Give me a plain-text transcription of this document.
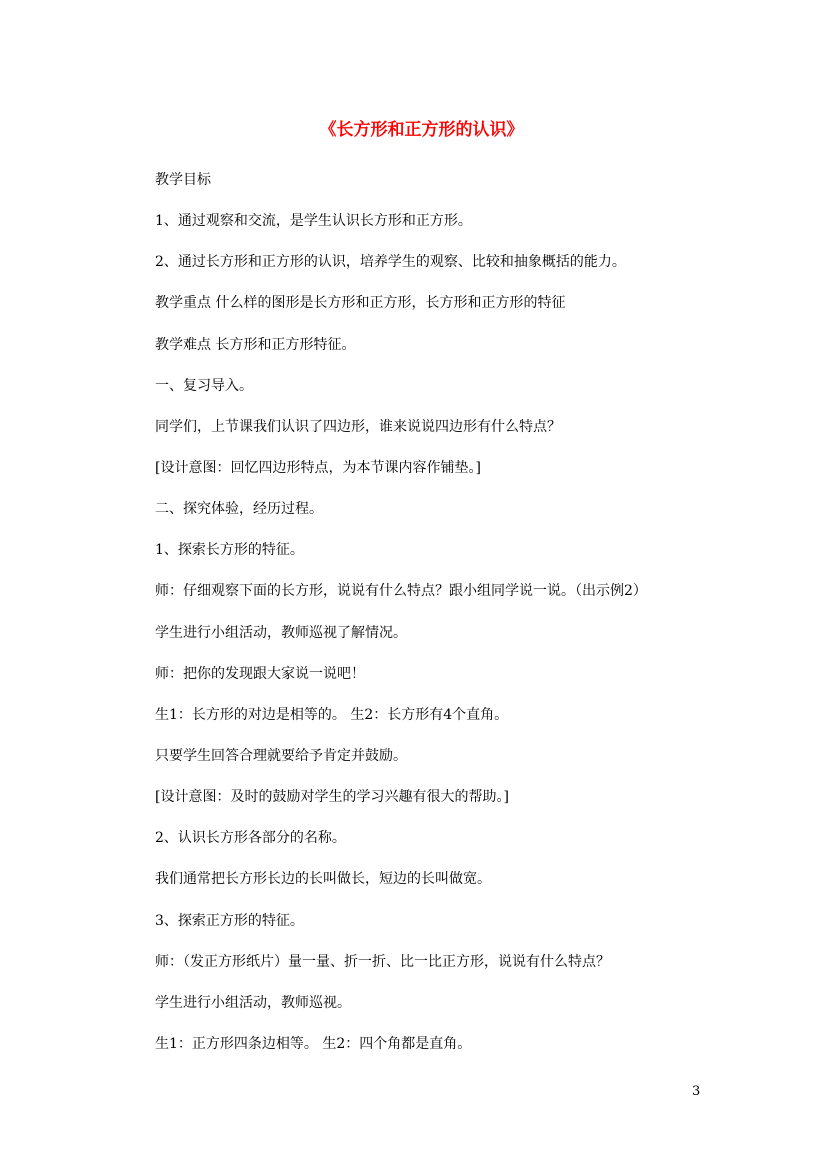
《长方形和正方形的认识》

教学目标

1、通过观察和交流，是学生认识长方形和正方形。

2、通过长方形和正方形的认识，培养学生的观察、比较和抽象概括的能力。

教学重点 什么样的图形是长方形和正方形，长方形和正方形的特征

教学难点 长方形和正方形特征。

一、复习导入。

同学们，上节课我们认识了四边形，谁来说说四边形有什么特点？

[设计意图：回忆四边形特点，为本节课内容作铺垫。]

二、探究体验，经历过程。

1、探索长方形的特征。

师：仔细观察下面的长方形，说说有什么特点？跟小组同学说一说。（出示例2）

学生进行小组活动，教师巡视了解情况。

师：把你的发现跟大家说一说吧！

生1：长方形的对边是相等的。 生2：长方形有4个直角。

只要学生回答合理就要给予肯定并鼓励。

[设计意图：及时的鼓励对学生的学习兴趣有很大的帮助。]

2、认识长方形各部分的名称。

我们通常把长方形长边的长叫做长，短边的长叫做宽。

3、探索正方形的特征。

师：（发正方形纸片）量一量、折一折、比一比正方形，说说有什么特点？

学生进行小组活动，教师巡视。

生1：正方形四条边相等。 生2：四个角都是直角。

3
